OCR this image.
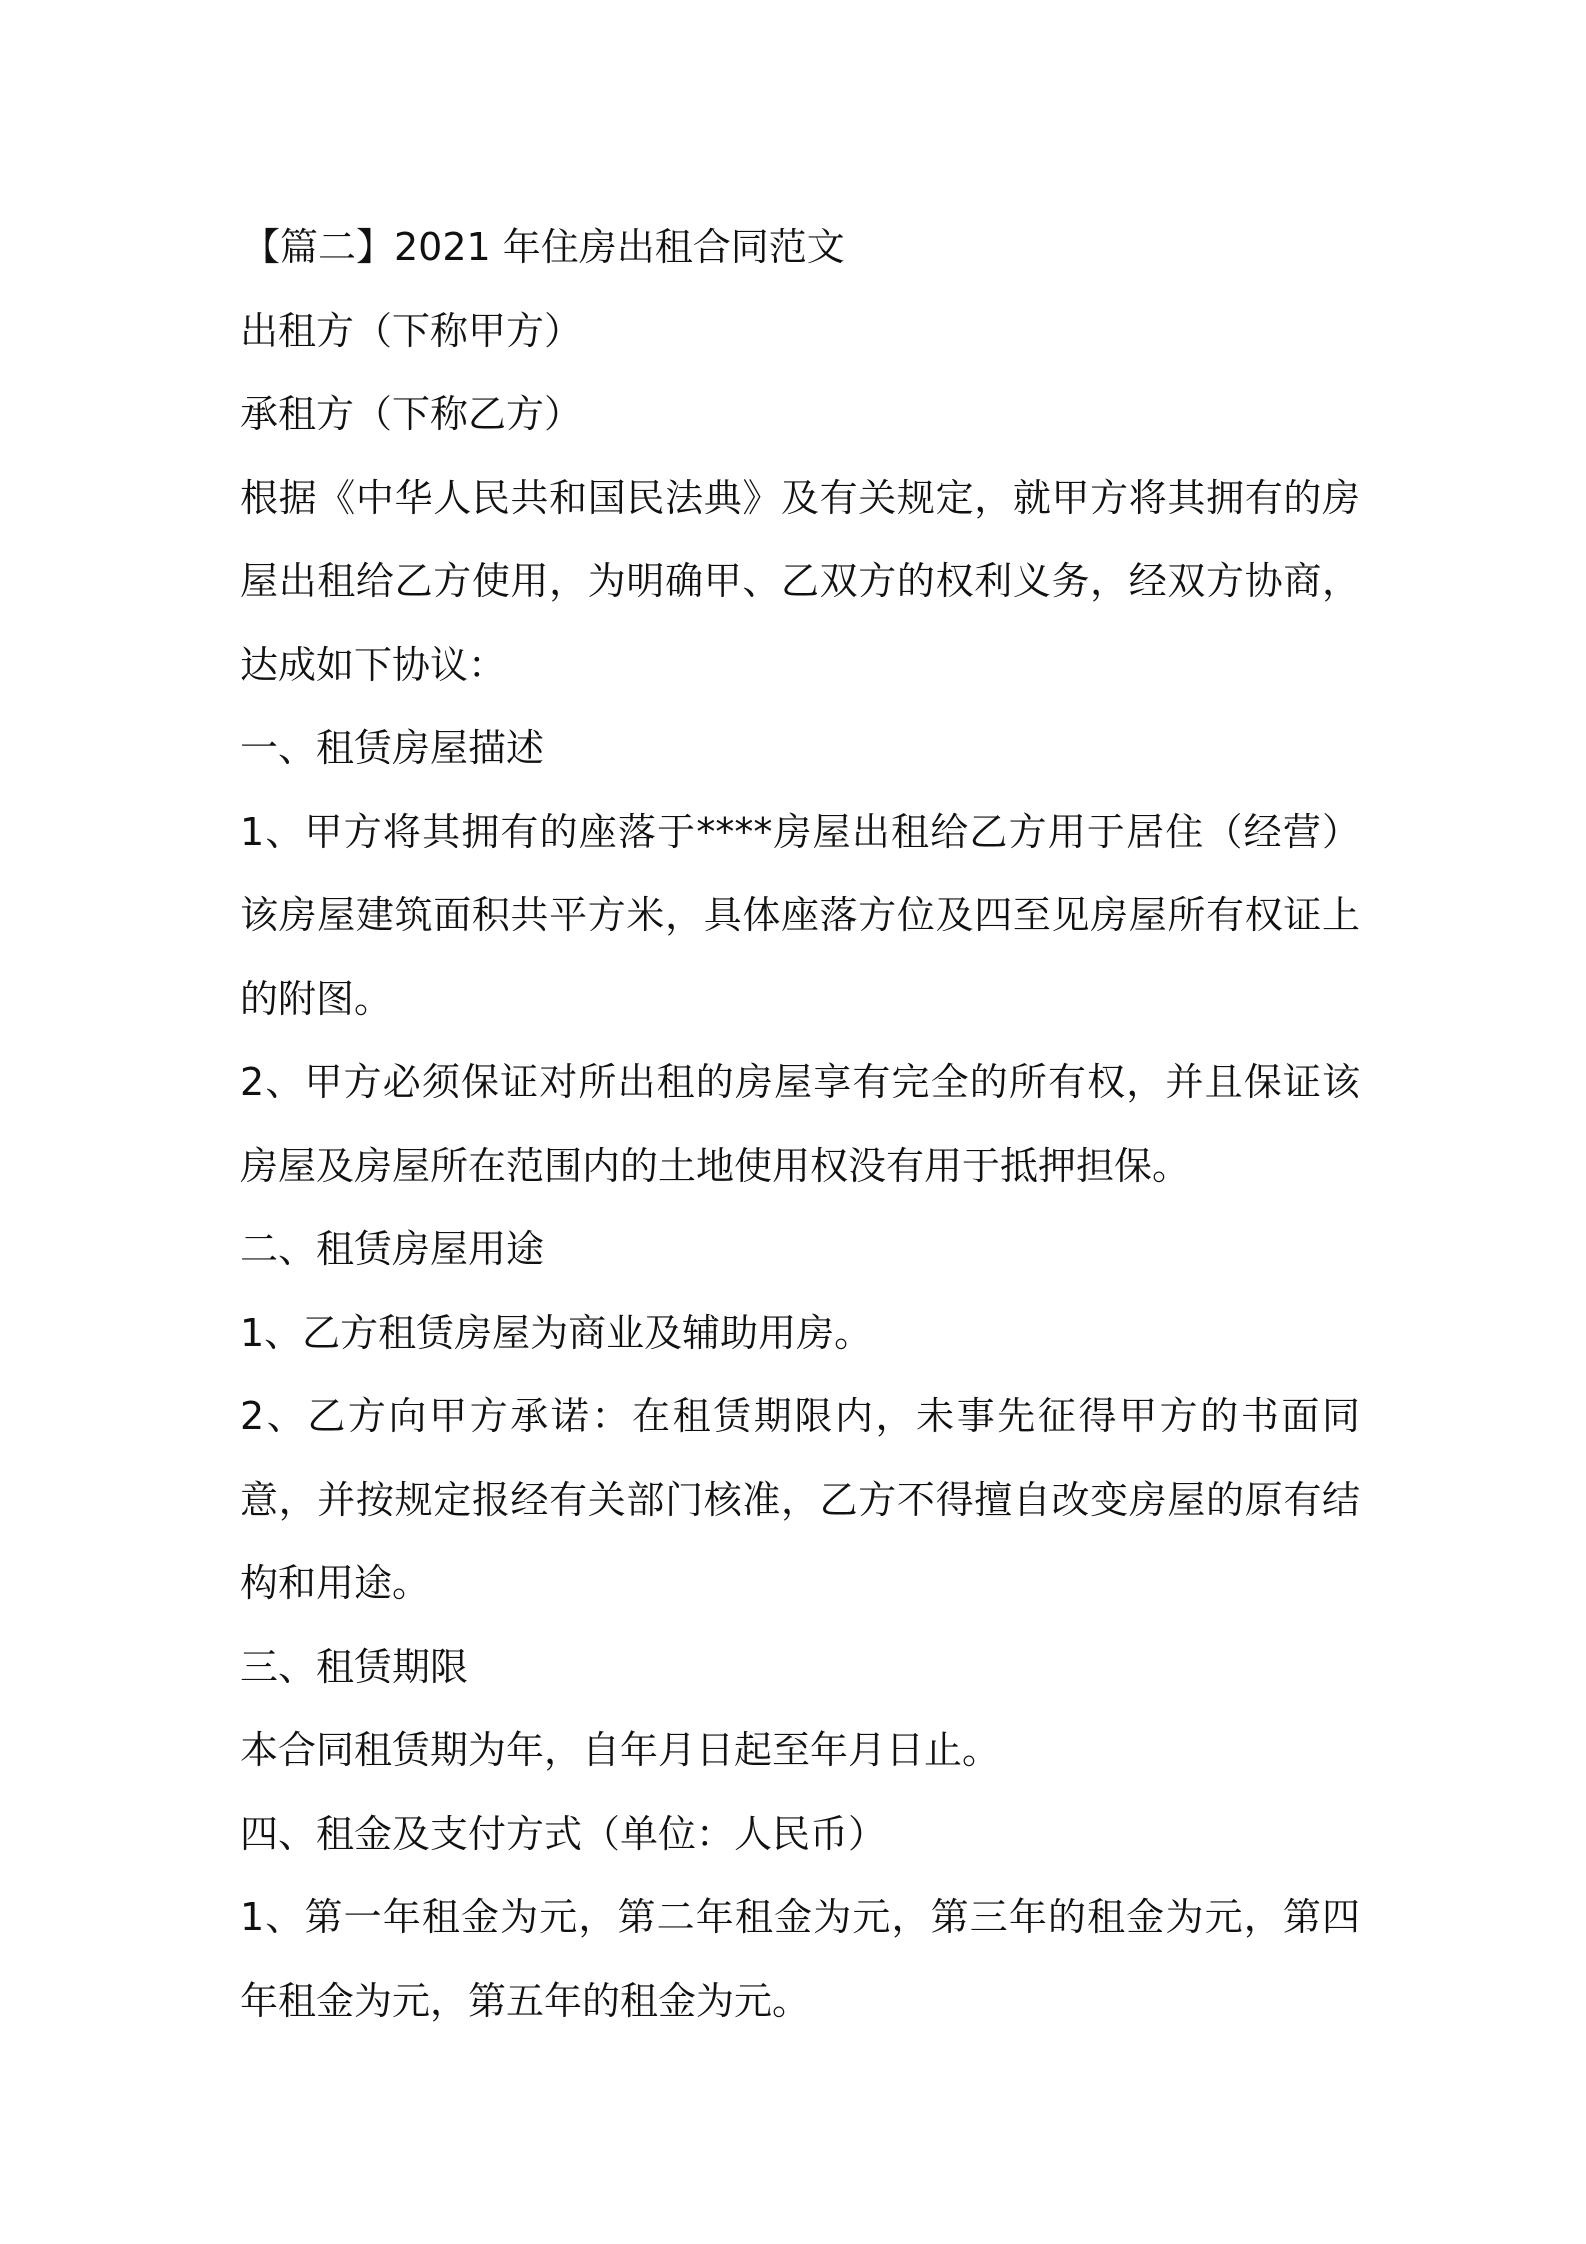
【篇二】2021 年住房出租合同范文

出租方（下称甲方）

承租方（下称乙方）

根据《中华人民共和国民法典》及有关规定，就甲方将其拥有的房屋出租给乙方使用，为明确甲、乙双方的权利义务，经双方协商，达成如下协议：

一、租赁房屋描述

1、甲方将其拥有的座落于****房屋出租给乙方用于居住（经营）该房屋建筑面积共平方米，具体座落方位及四至见房屋所有权证上的附图。

2、甲方必须保证对所出租的房屋享有完全的所有权，并且保证该房屋及房屋所在范围内的土地使用权没有用于抵押担保。

二、租赁房屋用途

1、乙方租赁房屋为商业及辅助用房。

2、乙方向甲方承诺：在租赁期限内，未事先征得甲方的书面同意，并按规定报经有关部门核准，乙方不得擅自改变房屋的原有结构和用途。

三、租赁期限

本合同租赁期为年，自年月日起至年月日止。

四、租金及支付方式（单位：人民币）

1、第一年租金为元，第二年租金为元，第三年的租金为元，第四年租金为元，第五年的租金为元。
